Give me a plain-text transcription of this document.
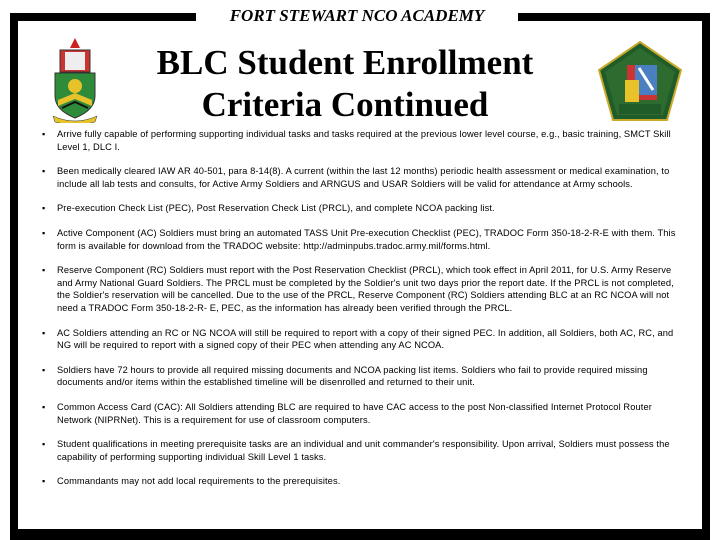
FORT STEWART NCO ACADEMY
BLC Student Enrollment
Criteria Continued
▪ Arrive fully capable of performing supporting individual tasks and tasks required at the previous lower level course, e.g., basic training, SMCT Skill Level 1, DLC I.
▪ Been medically cleared IAW AR 40-501, para 8-14(8). A current (within the last 12 months) periodic health assessment or medical examination, to include all lab tests and consults, for Active Army Soldiers and ARNGUS and USAR Soldiers will be valid for attendance at Army schools.
▪ Pre-execution Check List (PEC), Post Reservation Check List (PRCL), and complete NCOA packing list.
▪ Active Component (AC) Soldiers must bring an automated TASS Unit Pre-execution Checklist (PEC), TRADOC Form 350-18-2-R-E with them. This form is available for download from the TRADOC website: http://adminpubs.tradoc.army.mil/forms.html.
▪ Reserve Component (RC) Soldiers must report with the Post Reservation Checklist (PRCL), which took effect in April 2011, for U.S. Army Reserve and Army National Guard Soldiers. The PRCL must be completed by the Soldier's unit two days prior the report date. If the PRCL is not completed, the Soldier's reservation will be cancelled. Due to the use of the PRCL, Reserve Component (RC) Soldiers attending BLC at an RC NCOA will not need a TRADOC Form 350-18-2-R- E, PEC, as the information has already been verified through the PRCL.
▪ AC Soldiers attending an RC or NG NCOA will still be required to report with a copy of their signed PEC. In addition, all Soldiers, both AC, RC, and NG will be required to report with a signed copy of their PEC when attending any AC NCOA.
▪ Soldiers have 72 hours to provide all required missing documents and NCOA packing list items. Soldiers who fail to provide required missing documents and/or items within the established timeline will be disenrolled and returned to their unit.
▪ Common Access Card (CAC): All Soldiers attending BLC are required to have CAC access to the post Non-classified Internet Protocol Router Network (NIPRNet). This is a requirement for use of classroom computers.
▪ Student qualifications in meeting prerequisite tasks are an individual and unit commander's responsibility. Upon arrival, Soldiers must possess the capability of performing supporting individual Skill Level 1 tasks.
▪ Commandants may not add local requirements to the prerequisites.
